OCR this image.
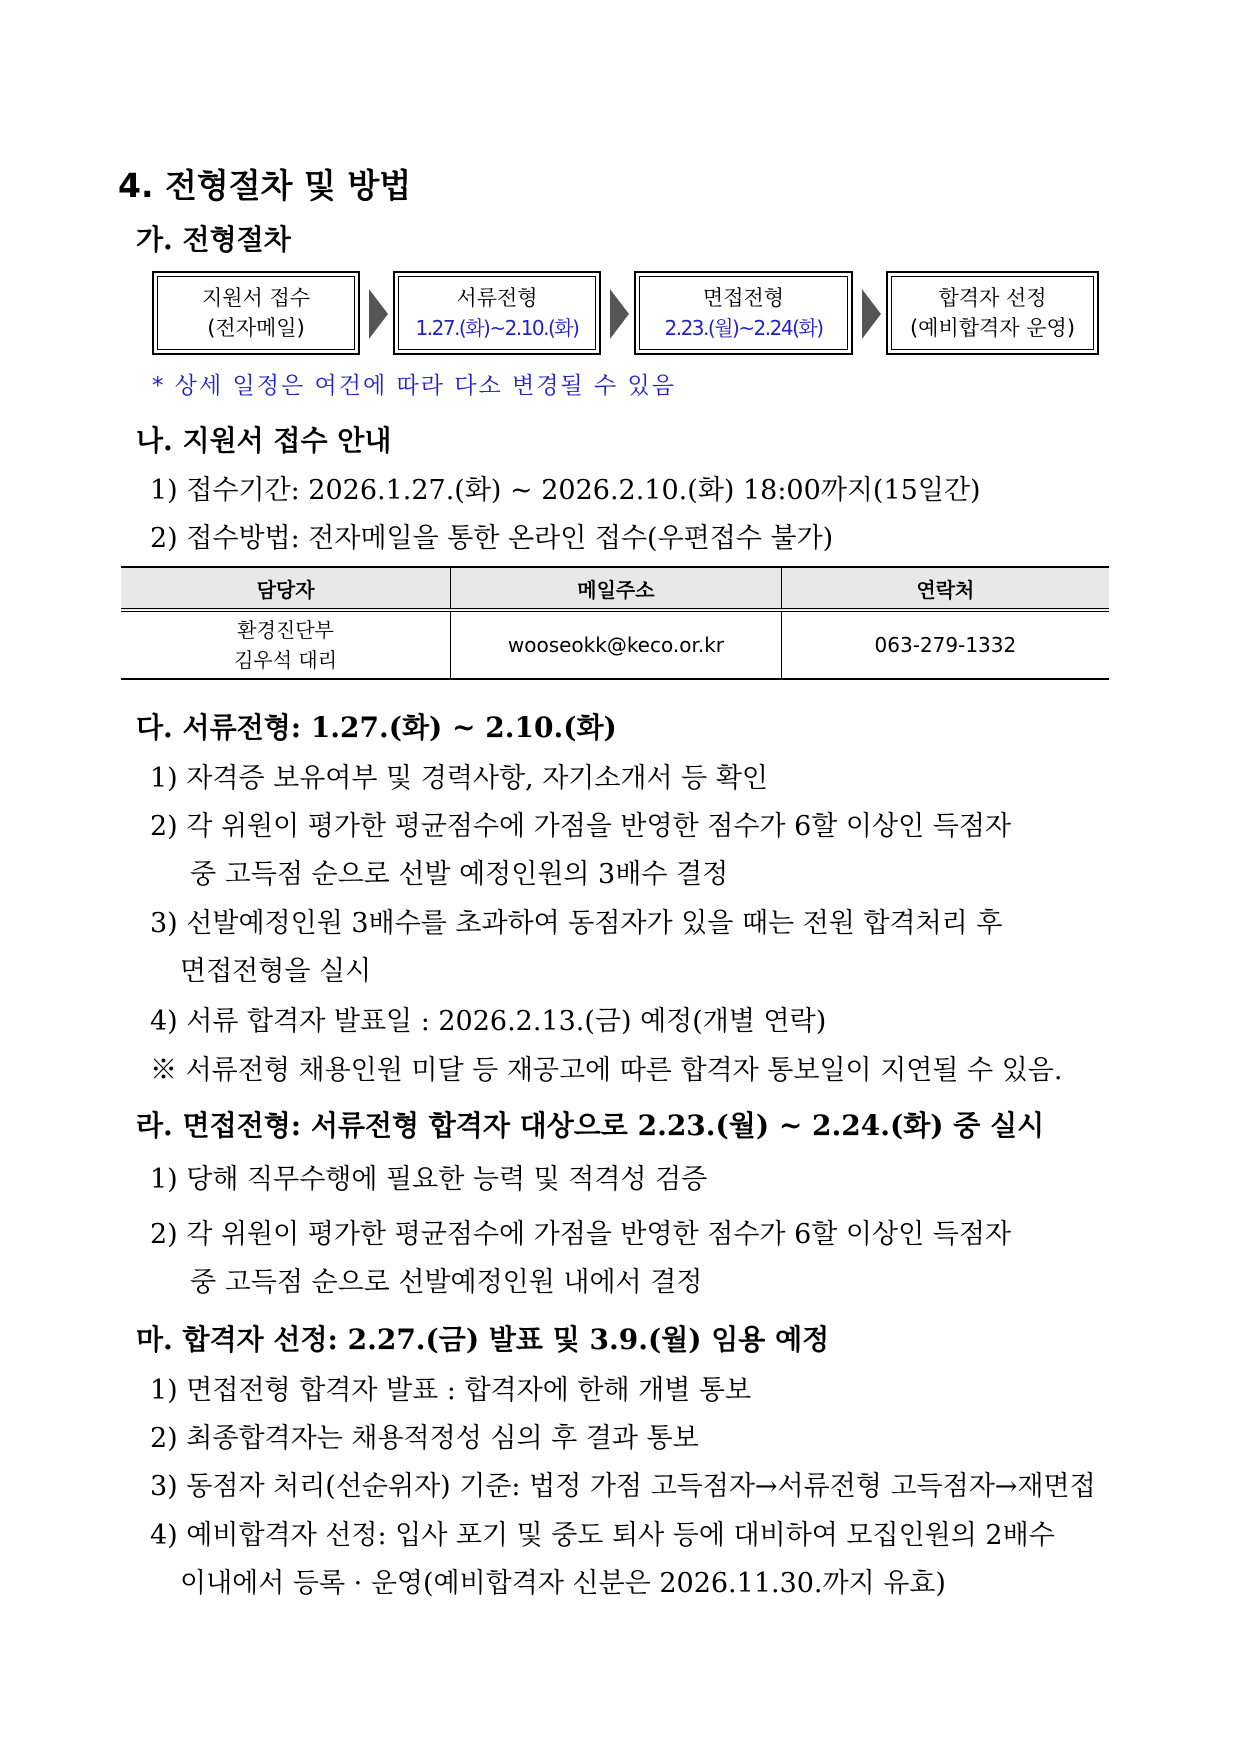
4. 전형절차 및 방법
가. 전형절차
지원서 접수
(전자메일)
서류전형
1.27.(화)~2.10.(화)
면접전형
2.23.(월)~2.24(화)
합격자 선정
(예비합격자 운영)
* 상세 일정은 여건에 따라 다소 변경될 수 있음
나. 지원서 접수 안내
1) 접수기간: 2026.1.27.(화) ~ 2026.2.10.(화) 18:00까지(15일간)
2) 접수방법: 전자메일을 통한 온라인 접수(우편접수 불가)
담당자	메일주소	연락처

환경진단부
김우석 대리	wooseokk@keco.or.kr	063-279-1332
다. 서류전형: 1.27.(화) ~ 2.10.(화)
1) 자격증 보유여부 및 경력사항, 자기소개서 등 확인
2) 각 위원이 평가한 평균점수에 가점을 반영한 점수가 6할 이상인 득점자
중 고득점 순으로 선발 예정인원의 3배수 결정
3) 선발예정인원 3배수를 초과하여 동점자가 있을 때는 전원 합격처리 후
면접전형을 실시
4) 서류 합격자 발표일 : 2026.2.13.(금) 예정(개별 연락)
※ 서류전형 채용인원 미달 등 재공고에 따른 합격자 통보일이 지연될 수 있음.
라. 면접전형: 서류전형 합격자 대상으로 2.23.(월) ~ 2.24.(화) 중 실시
1) 당해 직무수행에 필요한 능력 및 적격성 검증
2) 각 위원이 평가한 평균점수에 가점을 반영한 점수가 6할 이상인 득점자
중 고득점 순으로 선발예정인원 내에서 결정
마. 합격자 선정: 2.27.(금) 발표 및 3.9.(월) 임용 예정
1) 면접전형 합격자 발표 : 합격자에 한해 개별 통보
2) 최종합격자는 채용적정성 심의 후 결과 통보
3) 동점자 처리(선순위자) 기준: 법정 가점 고득점자→서류전형 고득점자→재면접
4) 예비합격자 선정: 입사 포기 및 중도 퇴사 등에 대비하여 모집인원의 2배수
이내에서 등록 · 운영(예비합격자 신분은 2026.11.30.까지 유효)
